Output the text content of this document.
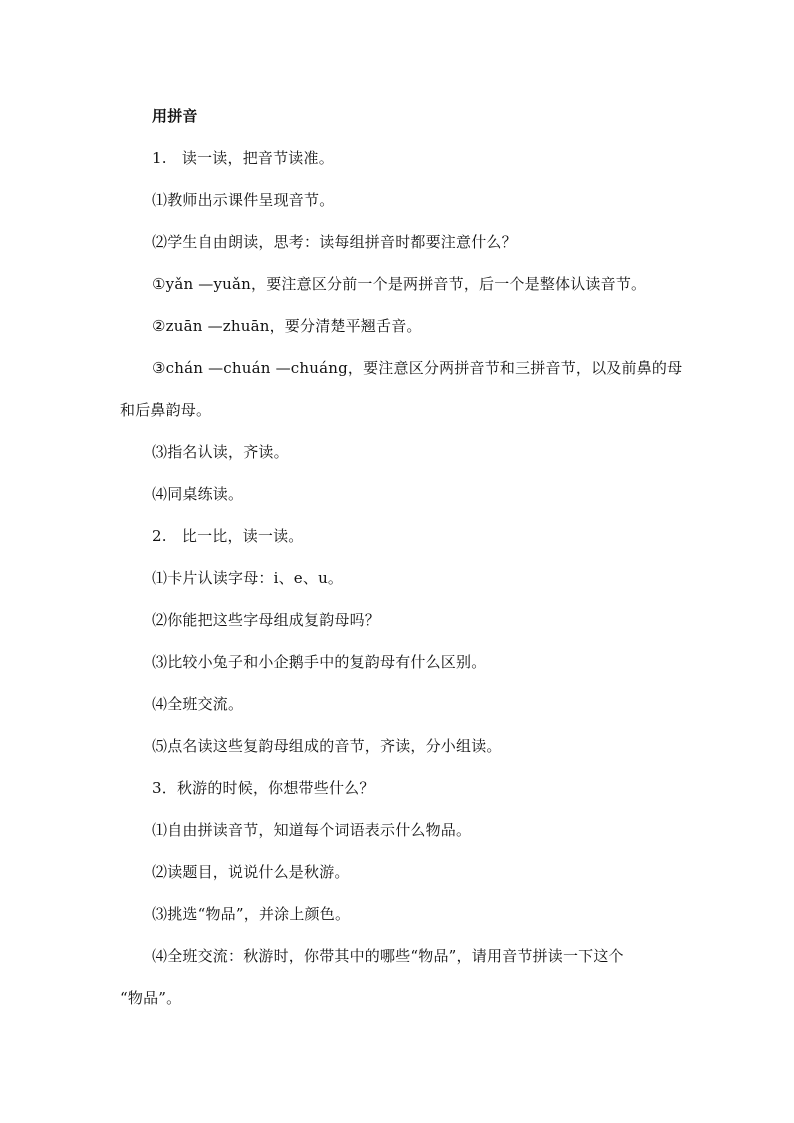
用拼音
1.　读一读，把音节读准。
⑴教师出示课件呈现音节。
⑵学生自由朗读，思考：读每组拼音时都要注意什么？
①yǎn —yuǎn，要注意区分前一个是两拼音节，后一个是整体认读音节。
②zuān —zhuān，要分清楚平翘舌音。
③chán —chuán —chuáng，要注意区分两拼音节和三拼音节，以及前鼻的母
和后鼻韵母。
⑶指名认读，齐读。
⑷同桌练读。
2.　比一比，读一读。
⑴卡片认读字母：i、e、u。
⑵你能把这些字母组成复韵母吗？
⑶比较小兔子和小企鹅手中的复韵母有什么区别。
⑷全班交流。
⑸点名读这些复韵母组成的音节，齐读，分小组读。
3．秋游的时候，你想带些什么？
⑴自由拼读音节，知道每个词语表示什么物品。
⑵读题目，说说什么是秋游。
⑶挑选“物品”，并涂上颜色。
⑷全班交流：秋游时，你带其中的哪些“物品”，请用音节拼读一下这个
“物品”。
